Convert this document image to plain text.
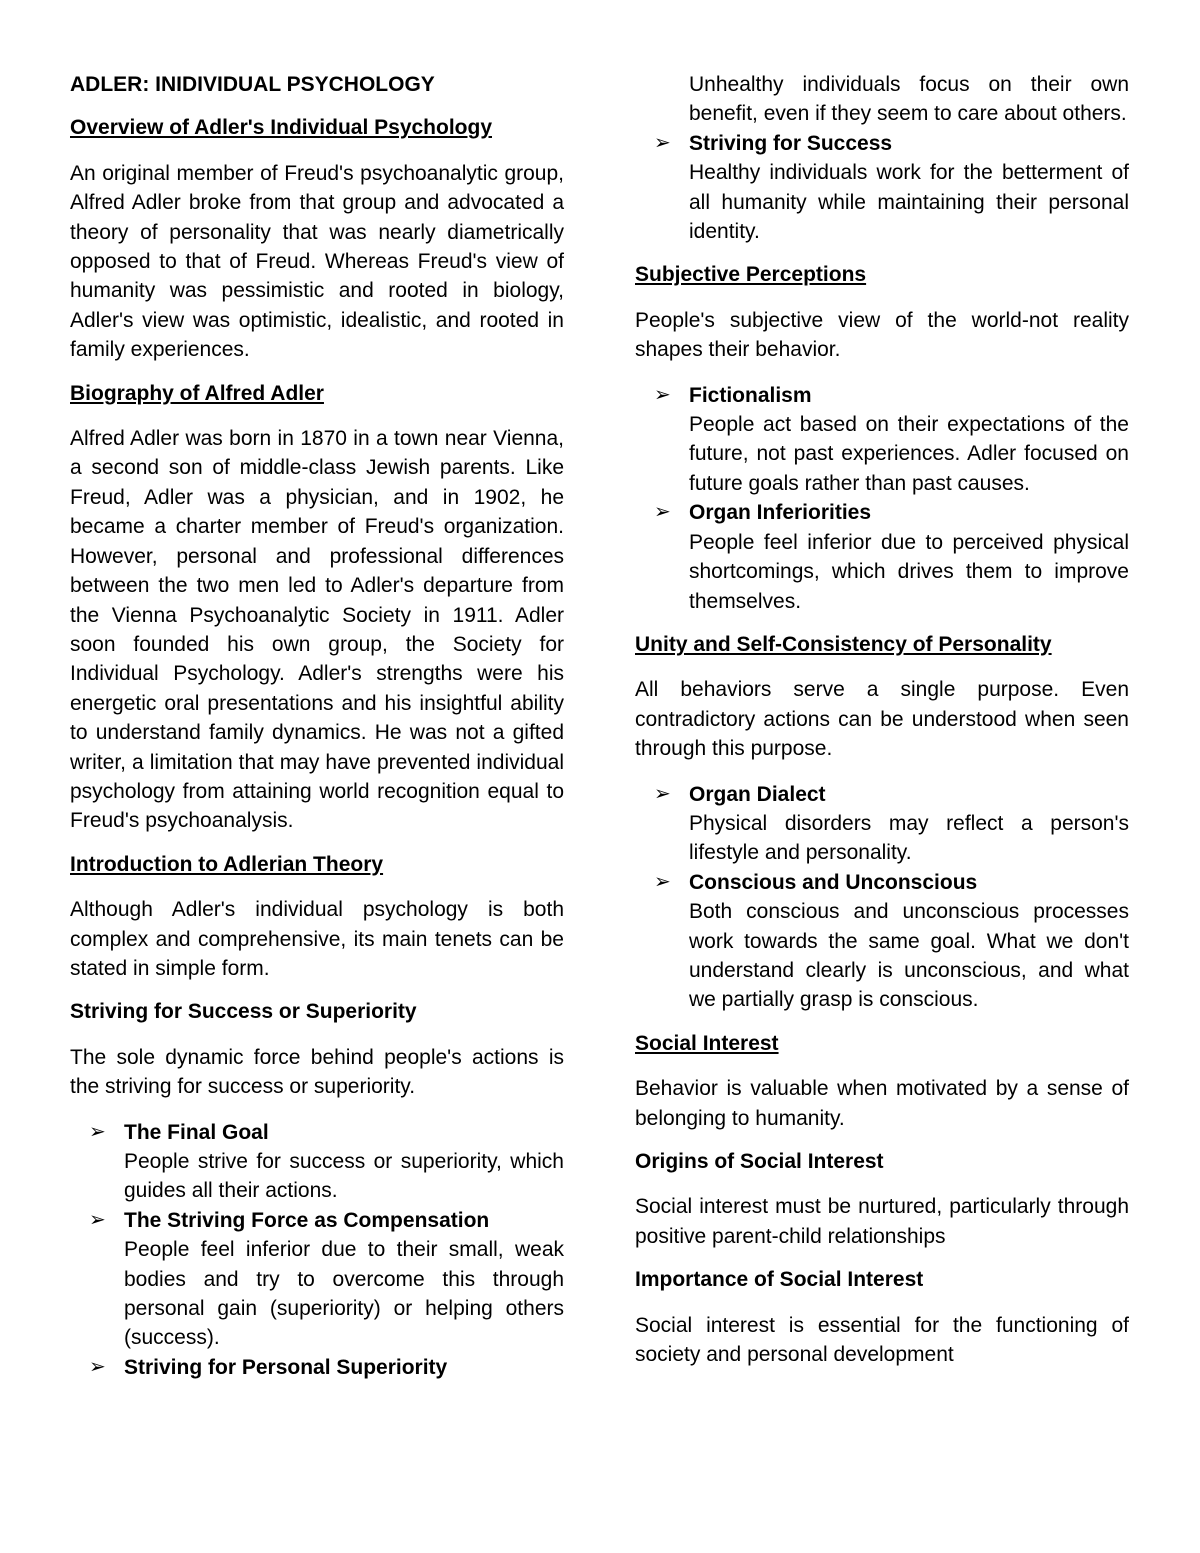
ADLER: INIDIVIDUAL PSYCHOLOGY

Overview of Adler's Individual Psychology

An original member of Freud's psychoanalytic group, Alfred Adler broke from that group and advocated a theory of personality that was nearly diametrically opposed to that of Freud. Whereas Freud's view of humanity was pessimistic and rooted in biology, Adler's view was optimistic, idealistic, and rooted in family experiences.

Biography of Alfred Adler

Alfred Adler was born in 1870 in a town near Vienna, a second son of middle-class Jewish parents. Like Freud, Adler was a physician, and in 1902, he became a charter member of Freud's organization. However, personal and professional differences between the two men led to Adler's departure from the Vienna Psychoanalytic Society in 1911. Adler soon founded his own group, the Society for Individual Psychology. Adler's strengths were his energetic oral presentations and his insightful ability to understand family dynamics. He was not a gifted writer, a limitation that may have prevented individual psychology from attaining world recognition equal to Freud's psychoanalysis.

Introduction to Adlerian Theory

Although Adler's individual psychology is both complex and comprehensive, its main tenets can be stated in simple form.

Striving for Success or Superiority

The sole dynamic force behind people's actions is the striving for success or superiority.

➢ The Final Goal
People strive for success or superiority, which guides all their actions.
➢ The Striving Force as Compensation
People feel inferior due to their small, weak bodies and try to overcome this through personal gain (superiority) or helping others (success).
➢ Striving for Personal Superiority
Unhealthy individuals focus on their own benefit, even if they seem to care about others.
➢ Striving for Success
Healthy individuals work for the betterment of all humanity while maintaining their personal identity.

Subjective Perceptions

People's subjective view of the world-not reality shapes their behavior.

➢ Fictionalism
People act based on their expectations of the future, not past experiences. Adler focused on future goals rather than past causes.
➢ Organ Inferiorities
People feel inferior due to perceived physical shortcomings, which drives them to improve themselves.

Unity and Self-Consistency of Personality

All behaviors serve a single purpose. Even contradictory actions can be understood when seen through this purpose.

➢ Organ Dialect
Physical disorders may reflect a person's lifestyle and personality.
➢ Conscious and Unconscious
Both conscious and unconscious processes work towards the same goal. What we don't understand clearly is unconscious, and what we partially grasp is conscious.

Social Interest

Behavior is valuable when motivated by a sense of belonging to humanity.

Origins of Social Interest

Social interest must be nurtured, particularly through positive parent-child relationships

Importance of Social Interest

Social interest is essential for the functioning of society and personal development
